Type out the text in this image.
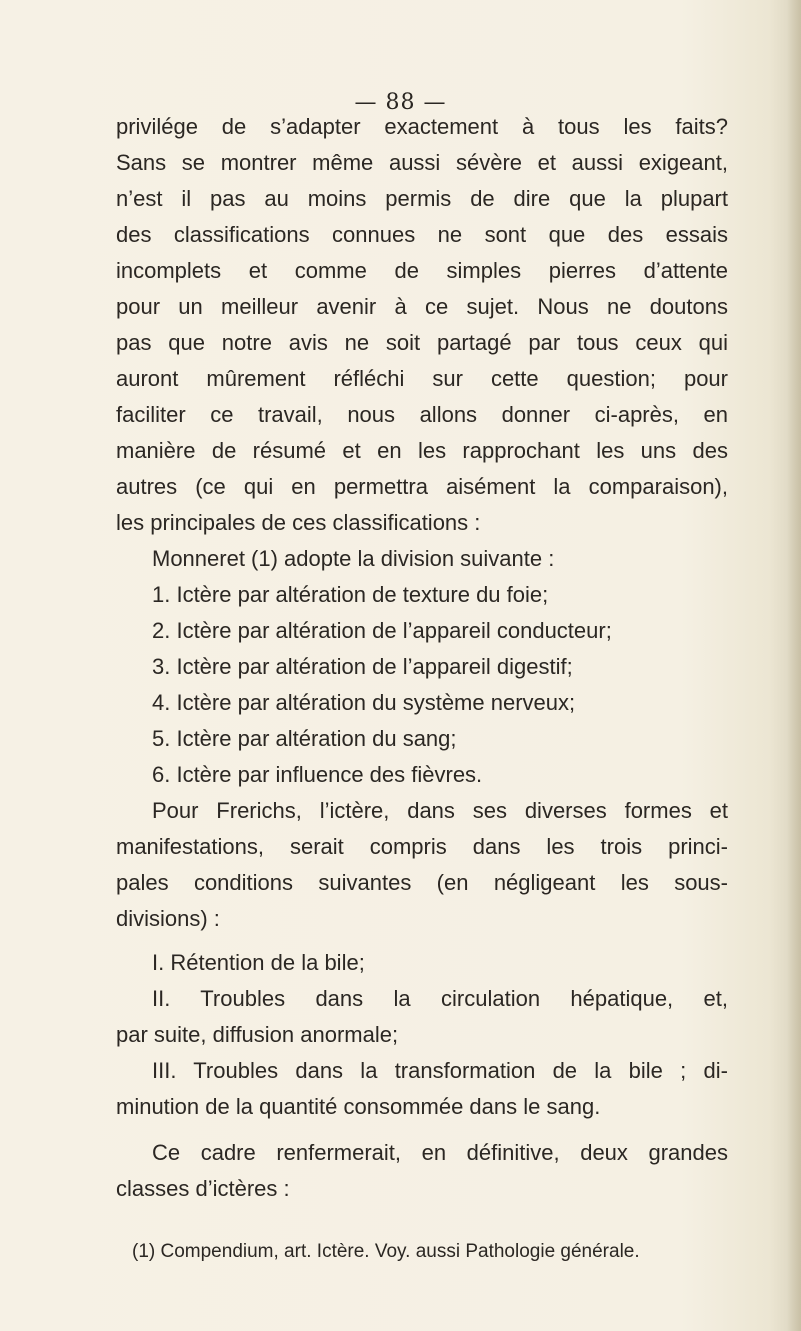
— 88 —
privilége de s’adapter exactement à tous les faits?
Sans se montrer même aussi sévère et aussi exigeant,
n’est il pas au moins permis de dire que la plupart
des classifications connues ne sont que des essais
incomplets et comme de simples pierres d’attente
pour un meilleur avenir à ce sujet. Nous ne doutons
pas que notre avis ne soit partagé par tous ceux qui
auront mûrement réfléchi sur cette question; pour
faciliter ce travail, nous allons donner ci-après, en
manière de résumé et en les rapprochant les uns des
autres (ce qui en permettra aisément la comparaison),
les principales de ces classifications :
Monneret (1) adopte la division suivante :
1. Ictère par altération de texture du foie;
2. Ictère par altération de l’appareil conducteur;
3. Ictère par altération de l’appareil digestif;
4. Ictère par altération du système nerveux;
5. Ictère par altération du sang;
6. Ictère par influence des fièvres.
Pour Frerichs, l’ictère, dans ses diverses formes et
manifestations, serait compris dans les trois princi-
pales conditions suivantes (en négligeant les sous-
divisions) :
I. Rétention de la bile;
II. Troubles dans la circulation hépatique, et,
par suite, diffusion anormale;
III. Troubles dans la transformation de la bile ; di-
minution de la quantité consommée dans le sang.
Ce cadre renfermerait, en définitive, deux grandes
classes d’ictères :
(1) Compendium, art. Ictère. Voy. aussi Pathologie générale.
